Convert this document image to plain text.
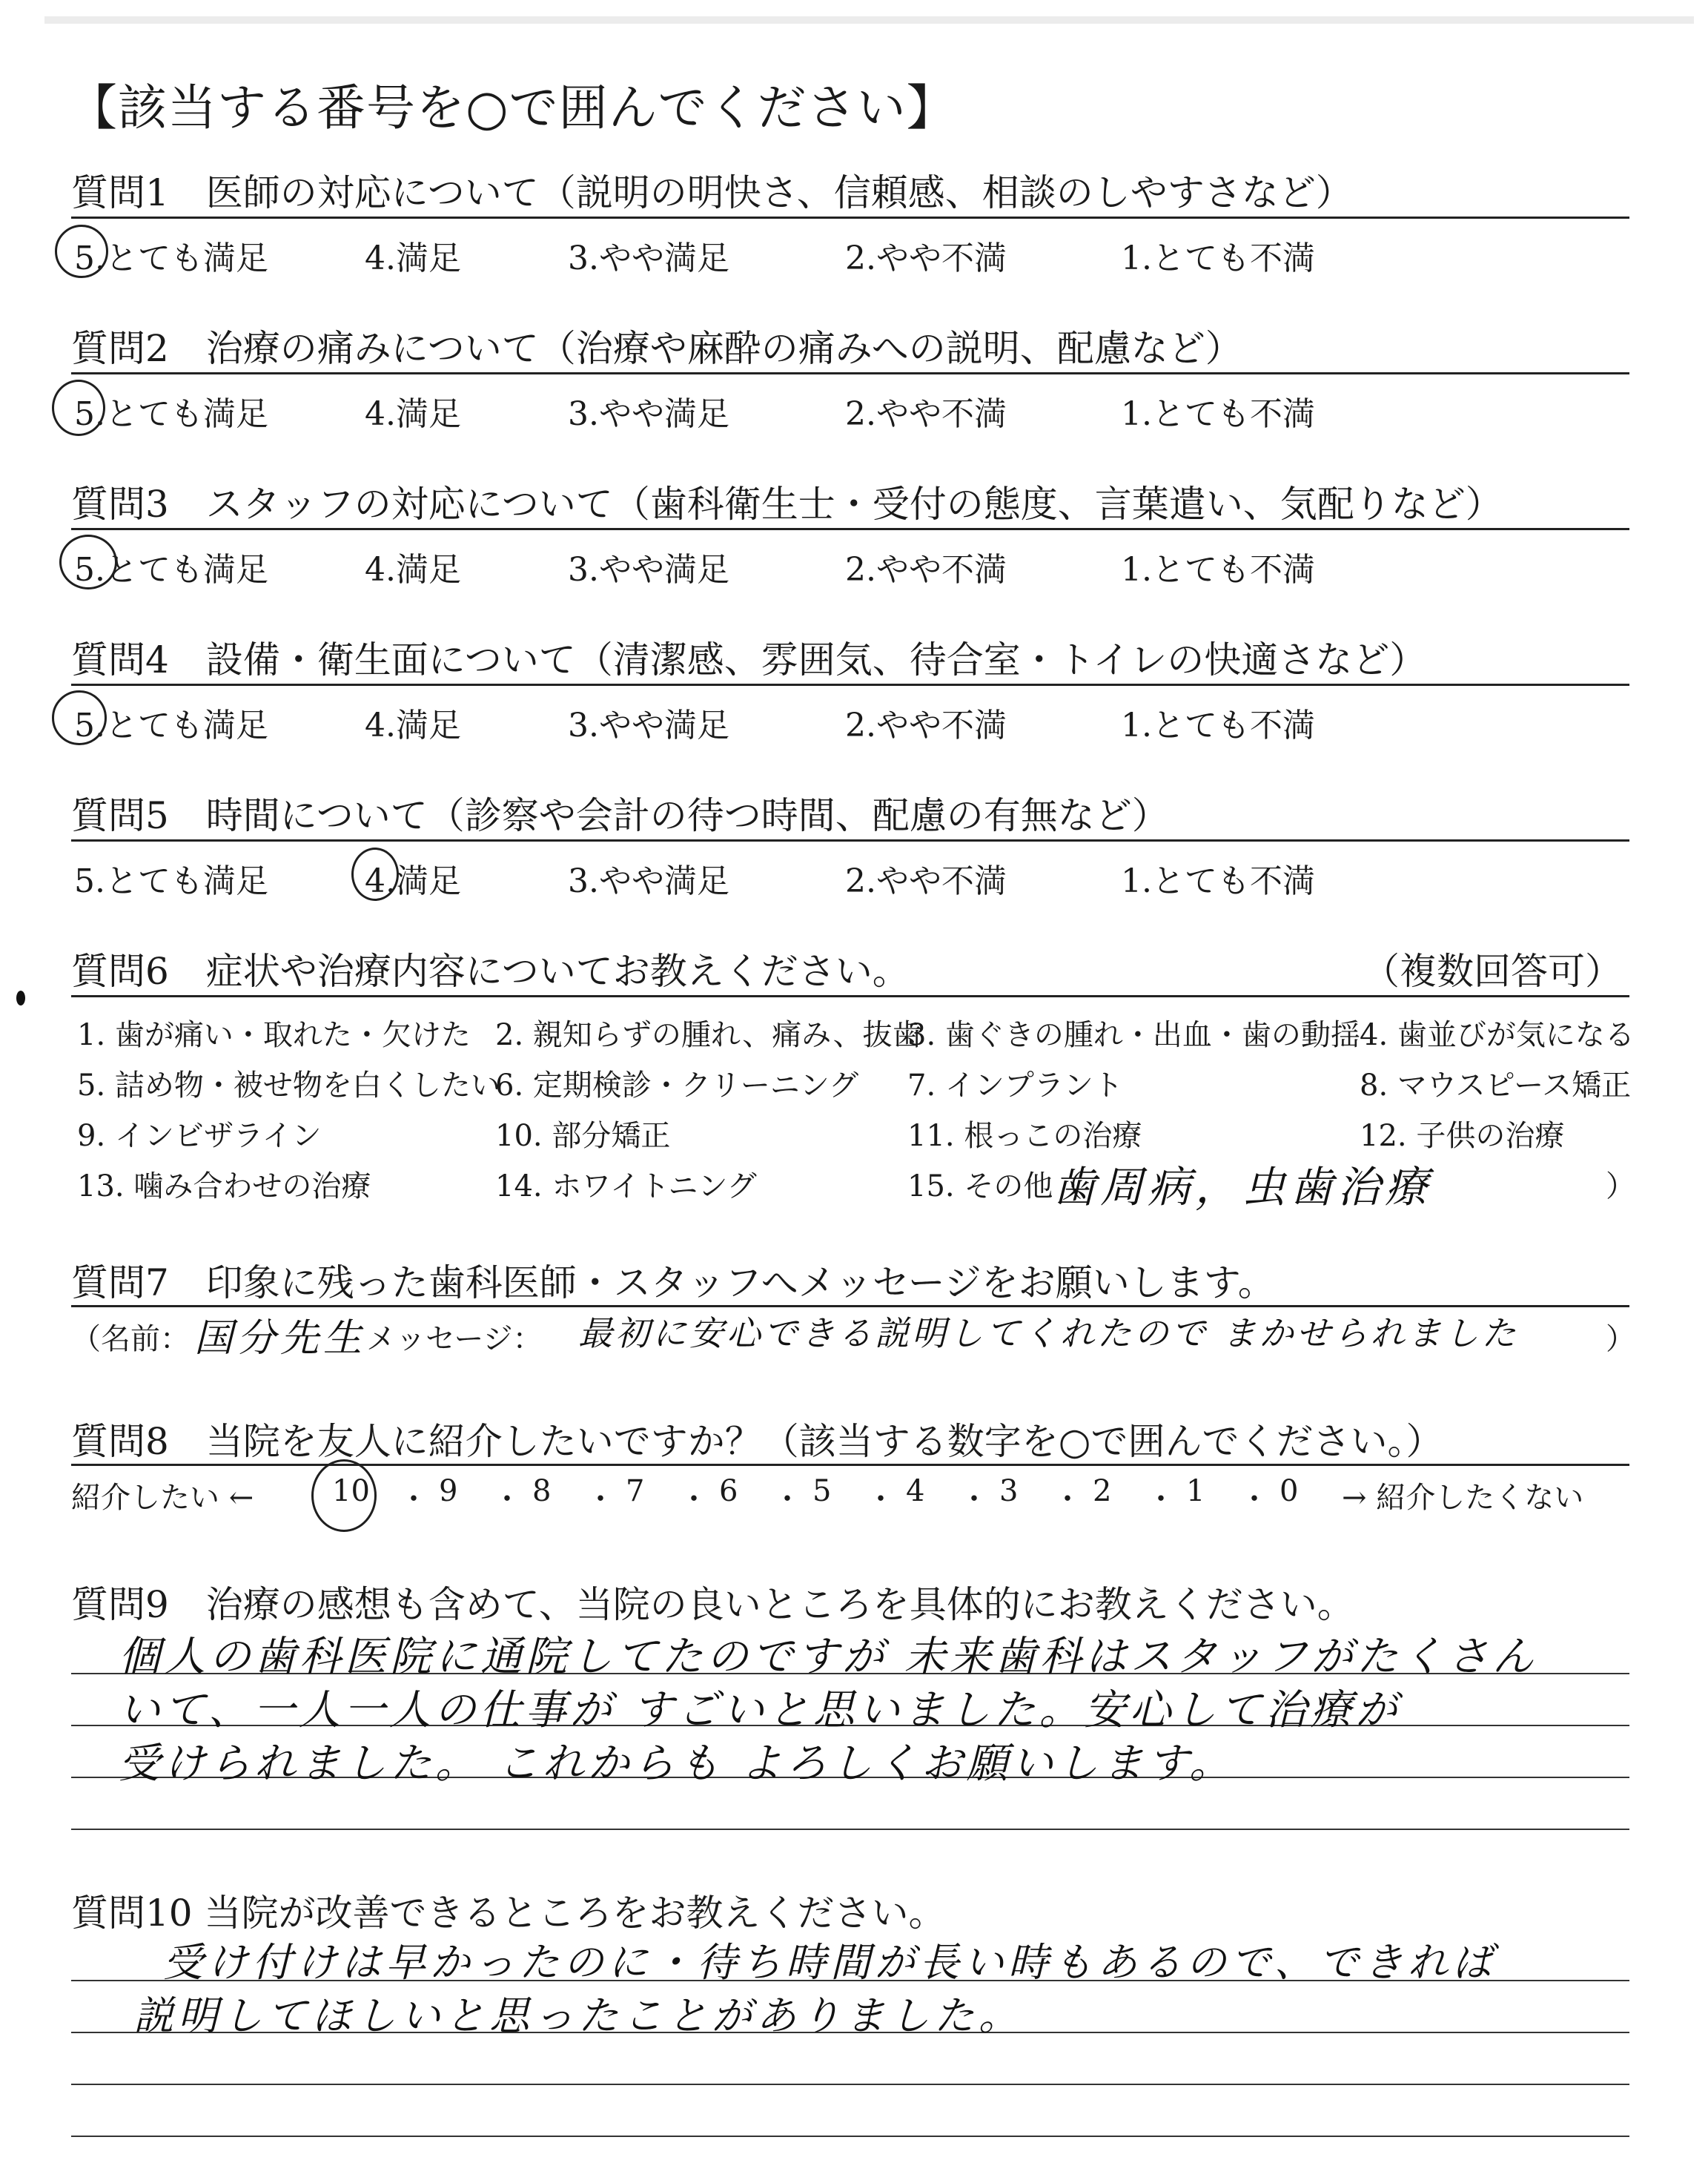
【該当する番号を○で囲んでください】
質問1　医師の対応について（説明の明快さ、信頼感、相談のしやすさなど）
5.とても満足	4.満足	3.やや満足	2.やや不満	1.とても不満
質問2　治療の痛みについて（治療や麻酔の痛みへの説明、配慮など）
5.とても満足	4.満足	3.やや満足	2.やや不満	1.とても不満
質問3　スタッフの対応について（歯科衛生士・受付の態度、言葉遣い、気配りなど）
5.とても満足	4.満足	3.やや満足	2.やや不満	1.とても不満
質問4　設備・衛生面について（清潔感、雰囲気、待合室・トイレの快適さなど）
5.とても満足	4.満足	3.やや満足	2.やや不満	1.とても不満
質問5　時間について（診察や会計の待つ時間、配慮の有無など）
5.とても満足	4.満足	3.やや満足	2.やや不満	1.とても不満
質問6　症状や治療内容についてお教えください。	（複数回答可）
1. 歯が痛い・取れた・欠けた 2. 親知らずの腫れ、痛み、抜歯
3. 歯ぐきの腫れ・出血・歯の動揺 4. 歯並びが気になる
5. 詰め物・被せ物を白くしたい
6. 定期検診・クリーニング 7. インプラント	8. マウスピース矯正
9. インビザライン	10. 部分矯正	11. 根っこの治療	12. 子供の治療
13. 噛み合わせの治療	14. ホワイトニング	15. その他（
歯周病，虫歯治療	）
質問7　印象に残った歯科医師・スタッフへメッセージをお願いします。
（名前： 国分先生 メッセージ： 最初に安心できる説明してくれたので まかせられました	）
質問8　当院を友人に紹介したいですか？（該当する数字を○で囲んでください。）
紹介したい ←	10 ・ 9 ・ 8 ・ 7 ・ 6 ・ 5 ・ 4 ・ 3 ・ 2 ・ 1 ・ 0 → 紹介したくない
質問9　治療の感想も含めて、当院の良いところを具体的にお教えください。
個人の歯科医院に通院してたのですが 未来歯科はスタッフがたくさん
いて、一人一人の仕事が すごいと思いました。安心して治療が
受けられました。 これからも よろしくお願いします。
質問10 当院が改善できるところをお教えください。
受け付けは早かったのに・待ち時間が長い時もあるので、できれば
説明してほしいと思ったことがありました。
